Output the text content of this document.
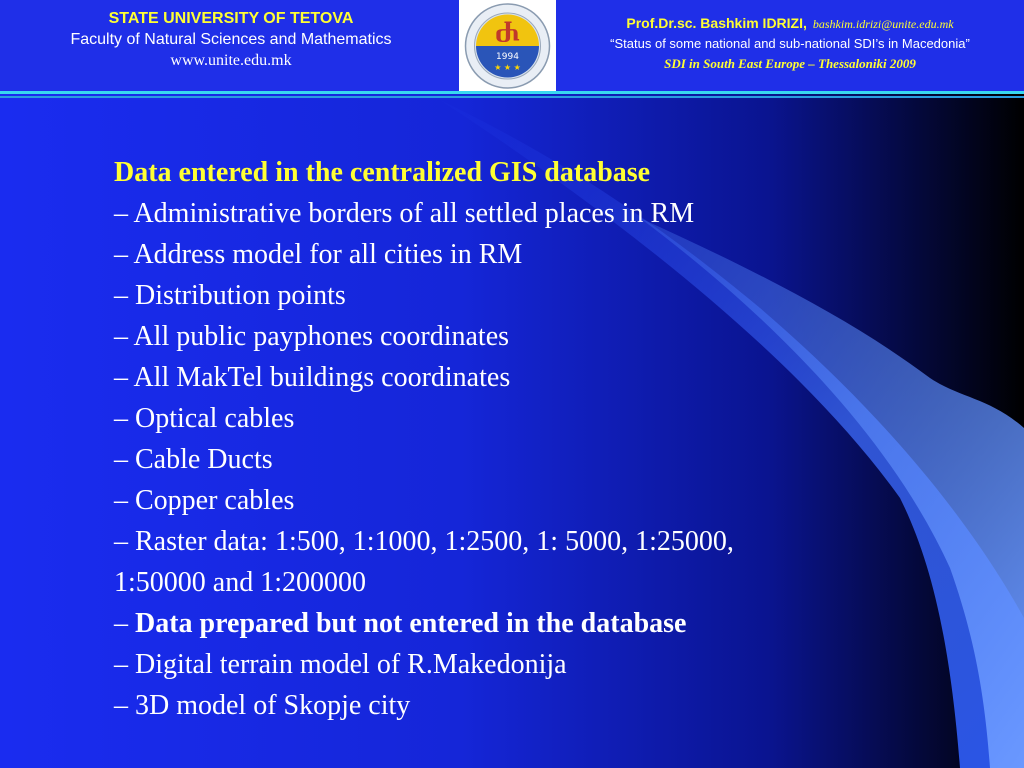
STATE UNIVERSITY OF TETOVA
Faculty of Natural Sciences and Mathematics
www.unite.edu.mk
Ⴛ
1994
★ ★ ★
Prof.Dr.sc. Bashkim IDRIZI, bashkim.idrizi@unite.edu.mk
“Status of some national and sub-national SDI’s in Macedonia”
SDI in South East Europe – Thessaloniki 2009
Data entered in the centralized GIS database
– Administrative borders of all settled places in RM
– Address model for all cities in RM
– Distribution points
– All public payphones coordinates
– All MakTel buildings coordinates
– Optical cables
– Cable Ducts
– Copper cables
– Raster data: 1:500, 1:1000, 1:2500, 1: 5000, 1:25000,
1:50000 and 1:200000
– Data prepared but not entered in the database
– Digital terrain model of R.Makedonija
– 3D model of Skopje city
